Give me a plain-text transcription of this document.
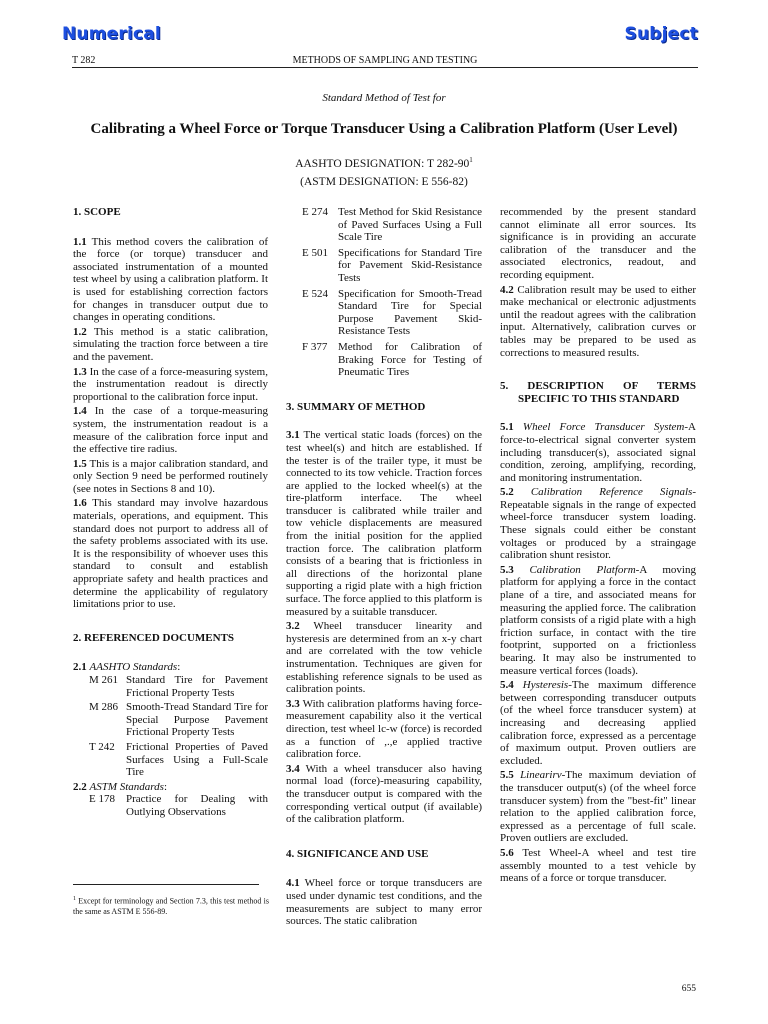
Numerical	Subject
T 282	METHODS OF SAMPLING AND TESTING
Standard Method of Test for
Calibrating a Wheel Force or Torque Transducer Using a Calibration Platform (User Level)
AASHTO DESIGNATION: T $282-90^1$
(ASTM DESIGNATION: E 556-82)

1. SCOPE

1.1 This method covers the calibration of the force (or torque) transducer and associated instrumentation of a mounted test wheel by using a calibration platform. It is used for establishing correction factors for changes in transducer output due to changes in operating conditions.

1.2 This method is a static calibration, simulating the traction force between a tire and the pavement.

1.3 In the case of a force-measuring system, the instrumentation readout is directly proportional to the calibration force input.

1.4 In the case of a torque-measuring system, the instrumentation readout is a measure of the calibration force input and the effective tire radius.

1.5 This is a major calibration standard, and only Section 9 need be performed routinely (see notes in Sections 8 and 10).

1.6 This standard may involve hazardous materials, operations, and equipment. This standard does not purport to address all of the safety problems associated with its use. It is the responsibility of whoever uses this standard to consult and establish appropriate safety and health practices and determine the applicability of regulatory limitations prior to use.

2. REFERENCED DOCUMENTS

2.1 AASHTO Standards:

M 261 Standard Tire for Pavement Frictional Property Tests
M 286 Smooth-Tread Standard Tire for Special Purpose Pavement Frictional Property Tests
T 242	Frictional Properties of Paved Surfaces Using a Full-Scale Tire

2.2 ASTM Standards:

E 178	Practice for Dealing with Outlying Observations
$^1$ Except for terminology and Section 7.3, this test method is the same as ASTM E 556-89.
E 274 Test Method for Skid Resistance of Paved Surfaces Using a Full Scale Tire
E 501 Specifications for Standard Tire for Pavement Skid-Resistance Tests
E 524 Specification for Smooth-Tread Standard Tire for Special Purpose Pavement Skid-Resistance Tests
F 377 Method for Calibration of Braking Force for Testing of Pneumatic Tires

3. SUMMARY OF METHOD

3.1 The vertical static loads (forces) on the test wheel(s) and hitch are established. If the tester is of the trailer type, it must be connected to its tow vehicle. Traction forces are applied to the locked wheel(s) at the tire-platform interface. The wheel transducer is calibrated while trailer and tow vehicle displacements are measured from the initial position for the applied traction force. The calibration platform consists of a bearing that is frictionless in all directions of the horizontal plane supporting a rigid plate with a high friction surface. The force applied to this platform is measured by a suitable transducer.

3.2 Wheel transducer linearity and hysteresis are determined from an x-y chart and are correlated with the tow vehicle instrumentation. Techniques are given for establishing reference signals to be used as calibration points.

3.3 With calibration platforms having force-measurement capability also it the vertical direction, test wheel lc-w (force) is recorded as a function of ,.,e applied tractive calibration force.

3.4 With a wheel transducer also having normal load (force)-measuring capability, the transducer output is compared with the corresponding vertical output (if available) of the calibration platform.

4. SIGNIFICANCE AND USE

4.1 Wheel force or torque transducers are used under dynamic test conditions, and the measurements are subject to many error sources. The static calibration

recommended by the present standard cannot eliminate all error sources. Its significance is in providing an accurate calibration of the transducer and the associated electronics, readout, and recording equipment.

4.2 Calibration result may be used to either make mechanical or electronic adjustments until the readout agrees with the calibration input. Alternatively, calibration curves or tables may be prepared to be used as corrections to measured results.

5. DESCRIPTION OF TERMS

SPECIFIC TO THIS STANDARD

5.1 Wheel Force Transducer System-A force-to-electrical signal converter system including transducer(s), associated signal condition, zeroing, amplifying, recording, and monitoring instrumentation.

5.2 Calibration Reference Signals-Repeatable signals in the range of expected wheel-force transducer system loading. These signals could either be constant voltages or produced by a straingage calibration shunt resistor.

5.3 Calibration Platform-A moving platform for applying a force in the contact plane of a tire, and associated means for measuring the applied force. The calibration platform consists of a rigid plate with a high friction surface, in contact with the tire footprint, supported on a frictionless bearing. It may also be instrumented to measure vertical forces (loads).

5.4 Hysteresis-The maximum difference between corresponding transducer outputs (of the wheel force transducer system) at increasing and decreasing applied calibration force, expressed as a percentage of maximum output. Proven outliers are excluded.

5.5 Linearirv-The maximum deviation of the transducer output(s) (of the wheel force transducer system) from the "best-fit" linear relation to the applied calibration force, expressed as a percentage of full scale. Proven outliers are excluded.

5.6 Test Wheel-A wheel and test tire assembly mounted to a test vehicle by means of a force or torque transducer.

655
